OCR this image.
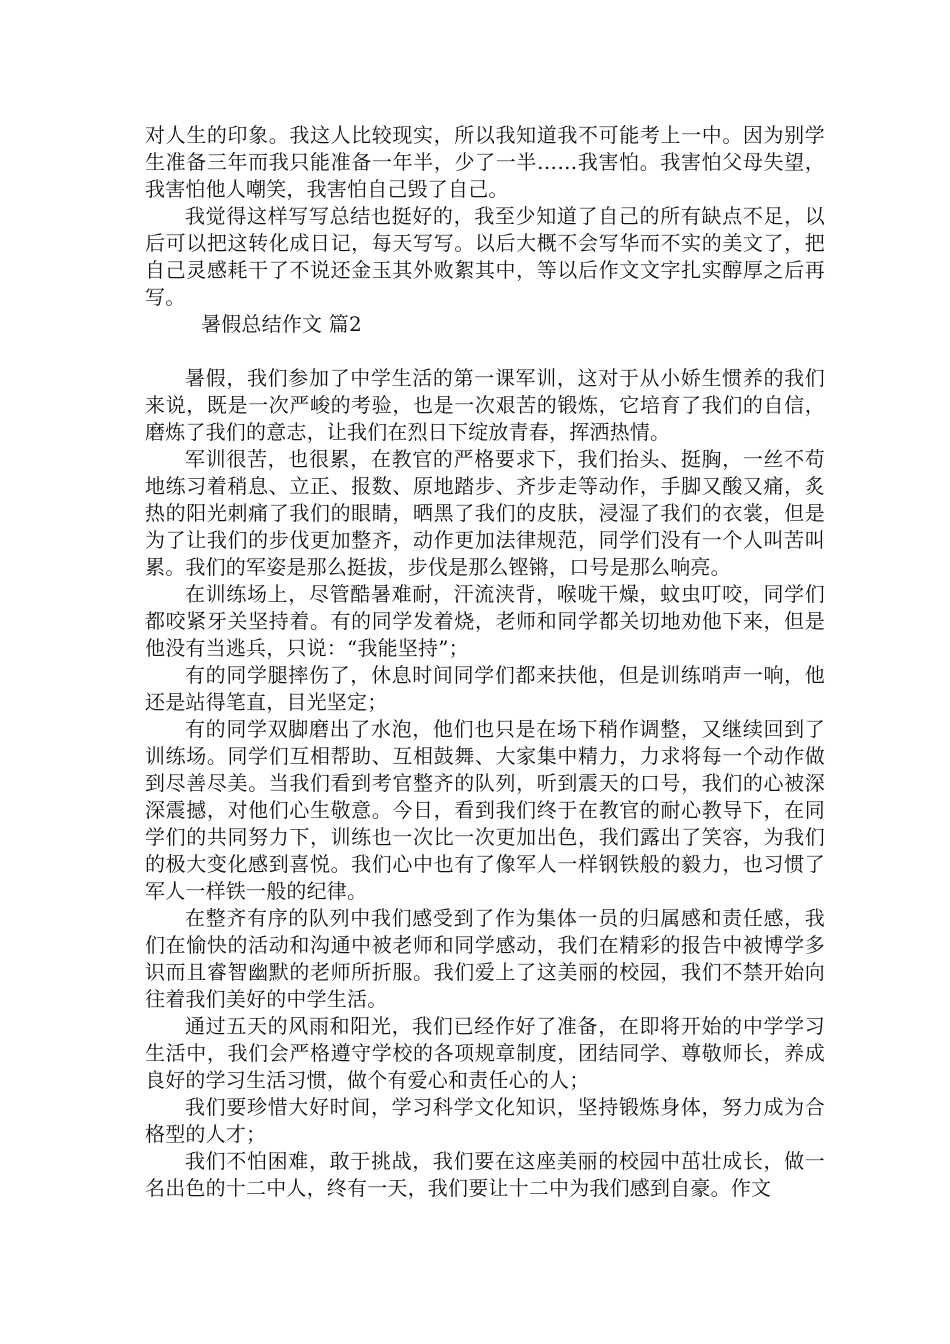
对人生的印象。我这人比较现实，所以我知道我不可能考上一中。因为别学生准备三年而我只能准备一年半，少了一半……我害怕。我害怕父母失望，我害怕他人嘲笑，我害怕自己毁了自己。

我觉得这样写写总结也挺好的，我至少知道了自己的所有缺点不足，以后可以把这转化成日记，每天写写。以后大概不会写华而不实的美文了，把自己灵感耗干了不说还金玉其外败絮其中，等以后作文文字扎实醇厚之后再写。

暑假总结作文 篇2

暑假，我们参加了中学生活的第一课军训，这对于从小娇生惯养的我们来说，既是一次严峻的考验，也是一次艰苦的锻炼，它培育了我们的自信，磨炼了我们的意志，让我们在烈日下绽放青春，挥洒热情。

军训很苦，也很累，在教官的严格要求下，我们抬头、挺胸，一丝不苟地练习着稍息、立正、报数、原地踏步、齐步走等动作，手脚又酸又痛，炙热的阳光刺痛了我们的眼睛，晒黑了我们的皮肤，浸湿了我们的衣裳，但是为了让我们的步伐更加整齐，动作更加法律规范，同学们没有一个人叫苦叫累。我们的军姿是那么挺拔，步伐是那么铿锵，口号是那么响亮。

在训练场上，尽管酷暑难耐，汗流浃背，喉咙干燥，蚊虫叮咬，同学们都咬紧牙关坚持着。有的同学发着烧，老师和同学都关切地劝他下来，但是他没有当逃兵，只说：“我能坚持”；

有的同学腿摔伤了，休息时间同学们都来扶他，但是训练哨声一响，他还是站得笔直，目光坚定；

有的同学双脚磨出了水泡，他们也只是在场下稍作调整，又继续回到了训练场。同学们互相帮助、互相鼓舞、大家集中精力，力求将每一个动作做到尽善尽美。当我们看到考官整齐的队列，听到震天的口号，我们的心被深深震撼，对他们心生敬意。今日，看到我们终于在教官的耐心教导下，在同学们的共同努力下，训练也一次比一次更加出色，我们露出了笑容，为我们的极大变化感到喜悦。我们心中也有了像军人一样钢铁般的毅力，也习惯了军人一样铁一般的纪律。

在整齐有序的队列中我们感受到了作为集体一员的归属感和责任感，我们在愉快的活动和沟通中被老师和同学感动，我们在精彩的报告中被博学多识而且睿智幽默的老师所折服。我们爱上了这美丽的校园，我们不禁开始向往着我们美好的中学生活。

通过五天的风雨和阳光，我们已经作好了准备，在即将开始的中学学习生活中，我们会严格遵守学校的各项规章制度，团结同学、尊敬师长，养成良好的学习生活习惯，做个有爱心和责任心的人；

我们要珍惜大好时间，学习科学文化知识，坚持锻炼身体，努力成为合格型的人才；

我们不怕困难，敢于挑战，我们要在这座美丽的校园中茁壮成长，做一名出色的十二中人，终有一天，我们要让十二中为我们感到自豪。作文
